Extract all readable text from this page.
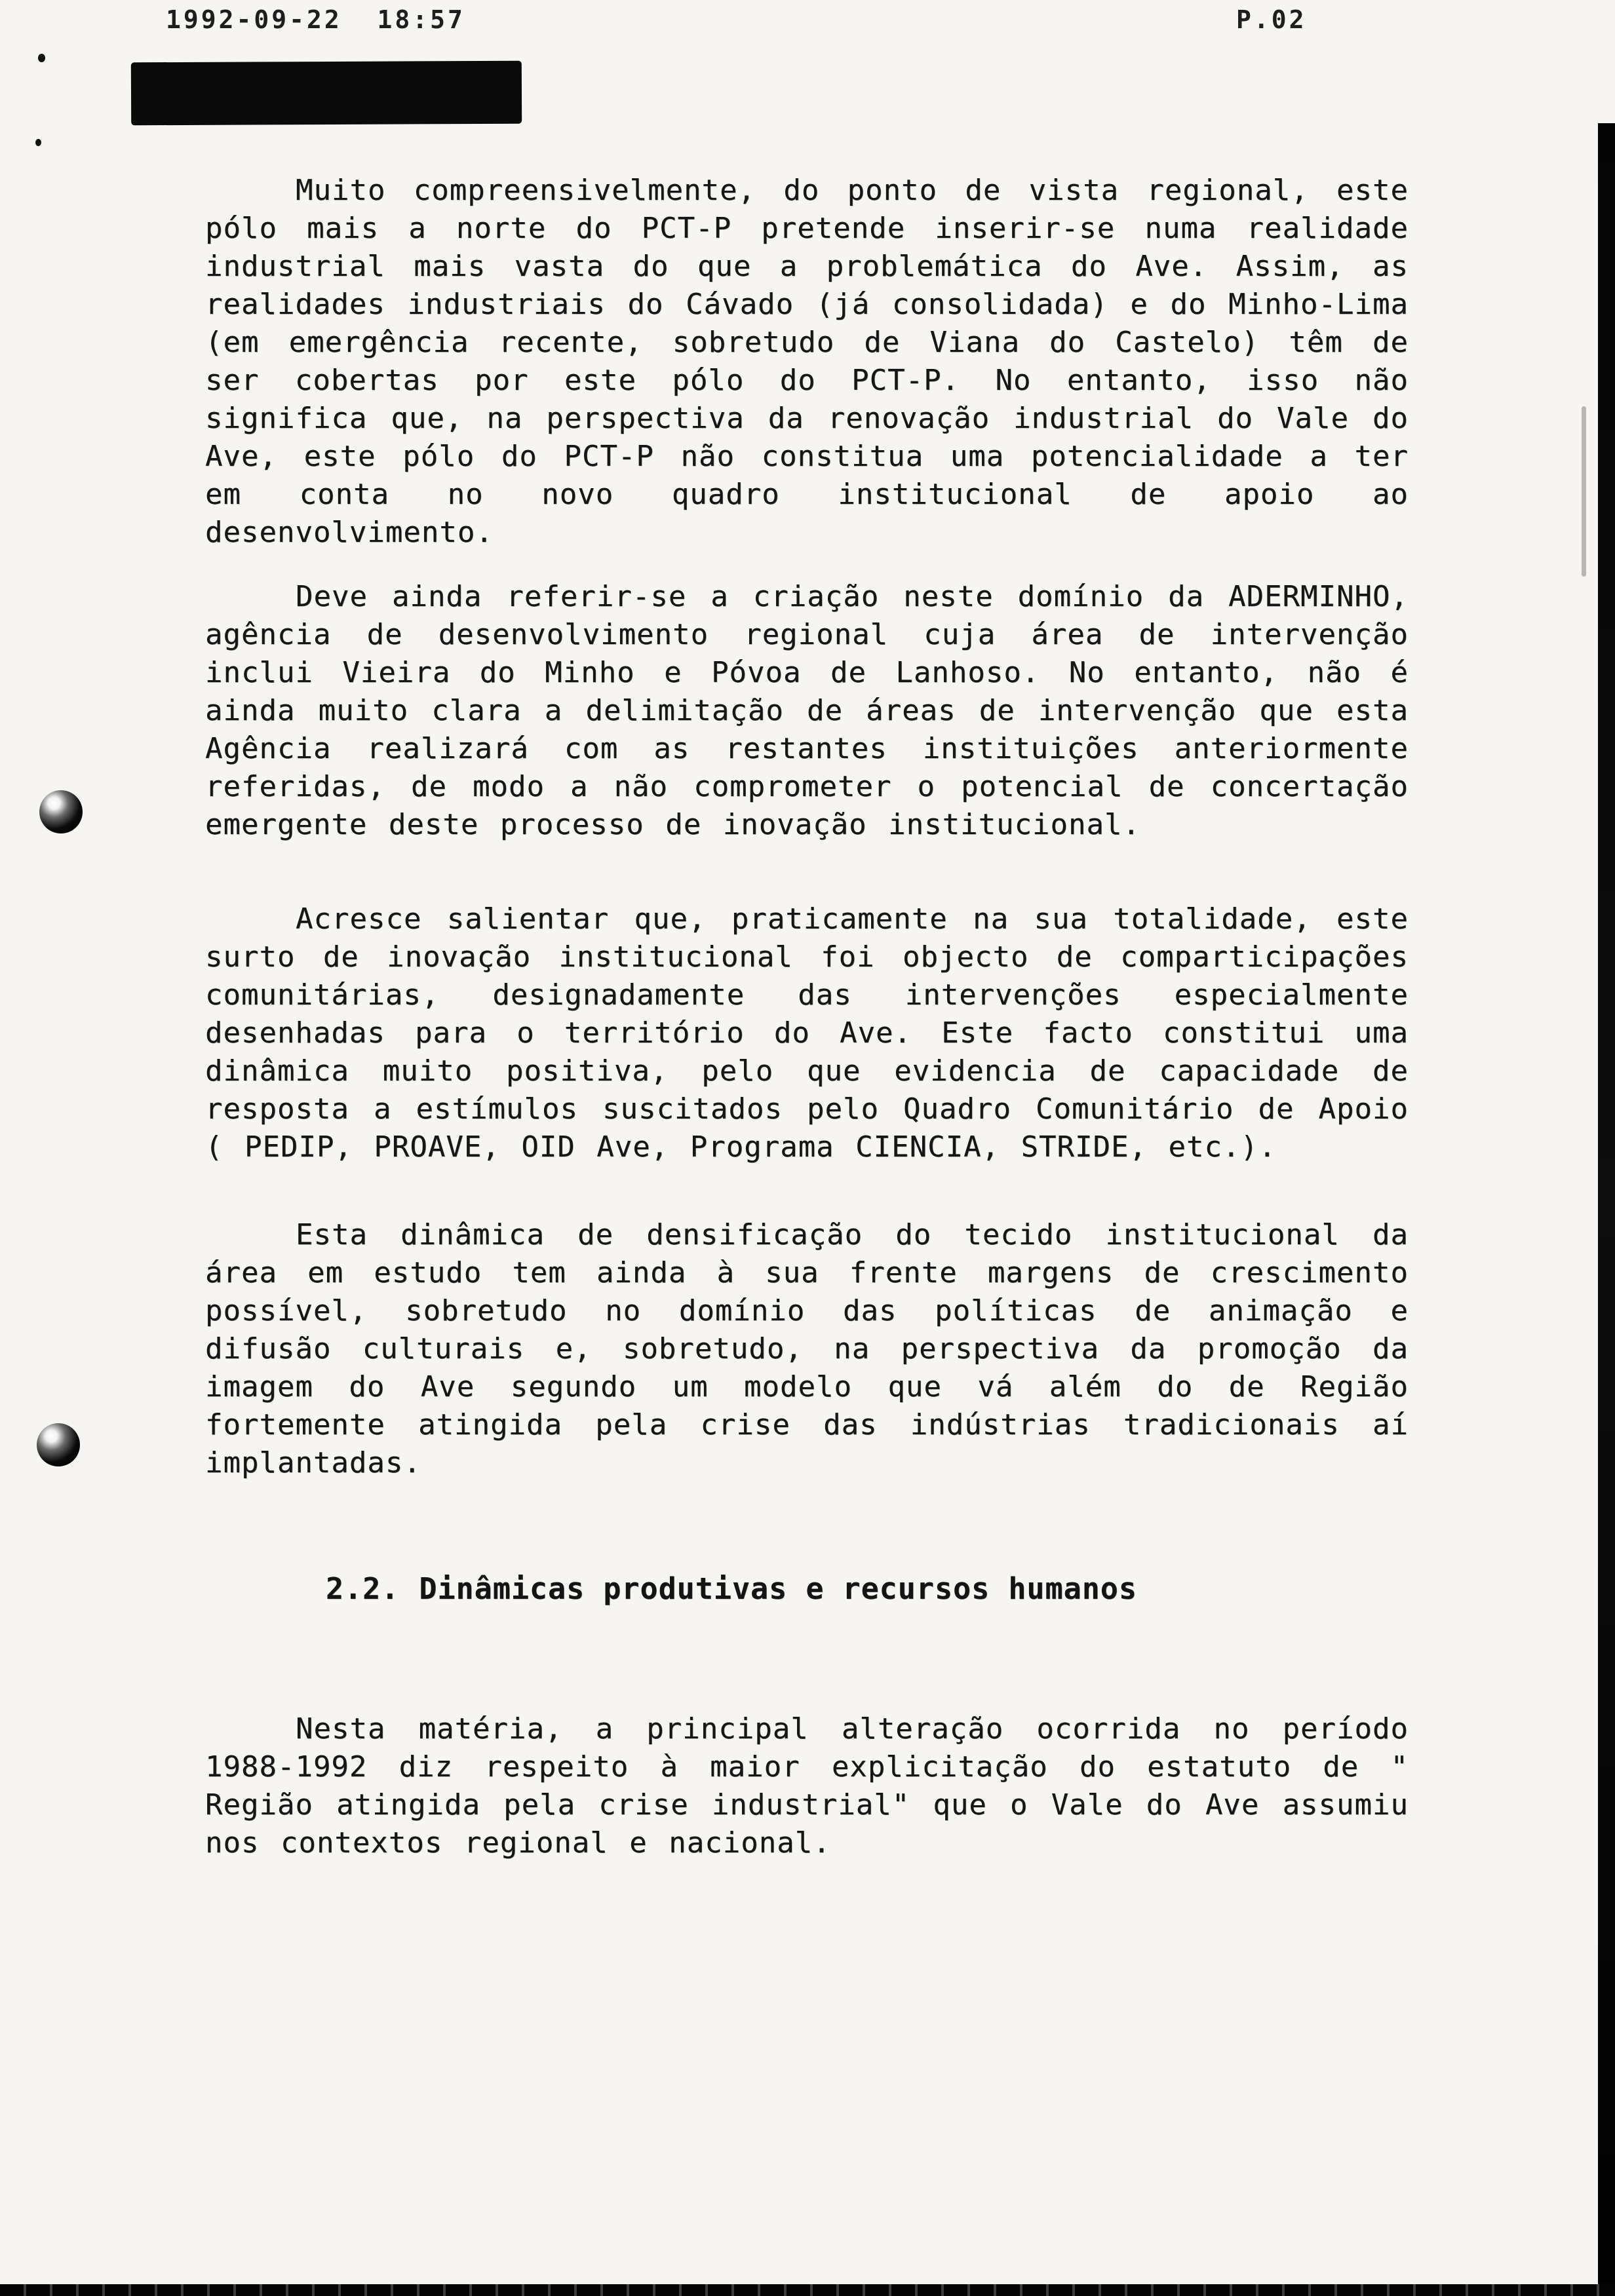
1992-09-22  18:57	P.02

Muito compreensivelmente, do ponto de vista regional, este pólo mais a norte do PCT-P pretende inserir-se numa realidade industrial mais vasta do que a problemática do Ave. Assim, as realidades industriais do Cávado (já consolidada) e do Minho-Lima (em emergência recente, sobretudo de Viana do Castelo) têm de ser cobertas por este pólo do PCT-P. No entanto, isso não significa que, na perspectiva da renovação industrial do Vale do Ave, este pólo do PCT-P não constitua uma potencialidade a ter em conta no novo quadro institucional de apoio ao desenvolvimento.

Deve ainda referir-se a criação neste domínio da ADERMINHO, agência de desenvolvimento regional cuja área de intervenção inclui Vieira do Minho e Póvoa de Lanhoso. No entanto, não é ainda muito clara a delimitação de áreas de intervenção que esta Agência realizará com as restantes instituições anteriormente referidas, de modo a não comprometer o potencial de concertação emergente deste processo de inovação institucional.

Acresce salientar que, praticamente na sua totalidade, este surto de inovação institucional foi objecto de comparticipações comunitárias, designadamente das intervenções especialmente desenhadas para o território do Ave. Este facto constitui uma dinâmica muito positiva, pelo que evidencia de capacidade de resposta a estímulos suscitados pelo Quadro Comunitário de Apoio ( PEDIP, PROAVE, OID Ave, Programa CIENCIA, STRIDE, etc.).

Esta dinâmica de densificação do tecido institucional da área em estudo tem ainda à sua frente margens de crescimento possível, sobretudo no domínio das políticas de animação e difusão culturais e, sobretudo, na perspectiva da promoção da imagem do Ave segundo um modelo que vá além do de Região fortemente atingida pela crise das indústrias tradicionais aí implantadas.

2.2. Dinâmicas produtivas e recursos humanos

Nesta matéria, a principal alteração ocorrida no período 1988-1992 diz respeito à maior explicitação do estatuto de " Região atingida pela crise industrial" que o Vale do Ave assumiu nos contextos regional e nacional.
